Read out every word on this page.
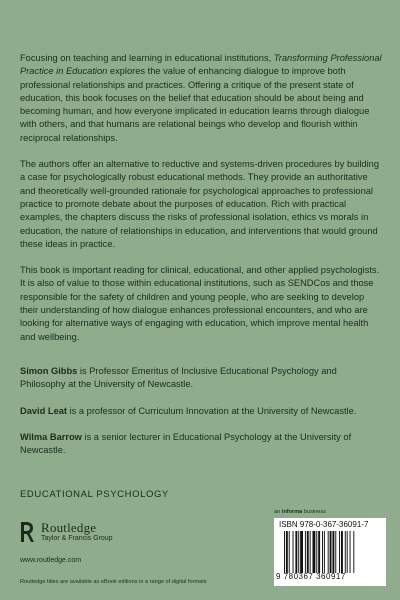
Focusing on teaching and learning in educational institutions, Transforming Professional Practice in Education explores the value of enhancing dialogue to improve both professional relationships and practices. Offering a critique of the present state of education, this book focuses on the belief that education should be about being and becoming human, and how everyone implicated in education learns through dialogue with others, and that humans are relational beings who develop and flourish within reciprocal relationships.

The authors offer an alternative to reductive and systems-driven procedures by building a case for psychologically robust educational methods. They provide an authoritative and theoretically well-grounded rationale for psychological approaches to professional practice to promote debate about the purposes of education. Rich with practical examples, the chapters discuss the risks of professional isolation, ethics vs morals in education, the nature of relationships in education, and interventions that would ground these ideas in practice.

This book is important reading for clinical, educational, and other applied psychologists. It is also of value to those within educational institutions, such as SENDCos and those responsible for the safety of children and young people, who are seeking to develop their understanding of how dialogue enhances professional encounters, and who are looking for alternative ways of engaging with education, which improve mental health and wellbeing.

Simon Gibbs is Professor Emeritus of Inclusive Educational Psychology and Philosophy at the University of Newcastle.

David Leat is a professor of Curriculum Innovation at the University of Newcastle.

Wilma Barrow is a senior lecturer in Educational Psychology at the University of Newcastle.

EDUCATIONAL PSYCHOLOGY
Routledge
Taylor & Francis Group
www.routledge.com
Routledge titles are available as eBook editions in a range of digital formats
an informa business
ISBN 978-0-367-36091-7
9 780367 360917
